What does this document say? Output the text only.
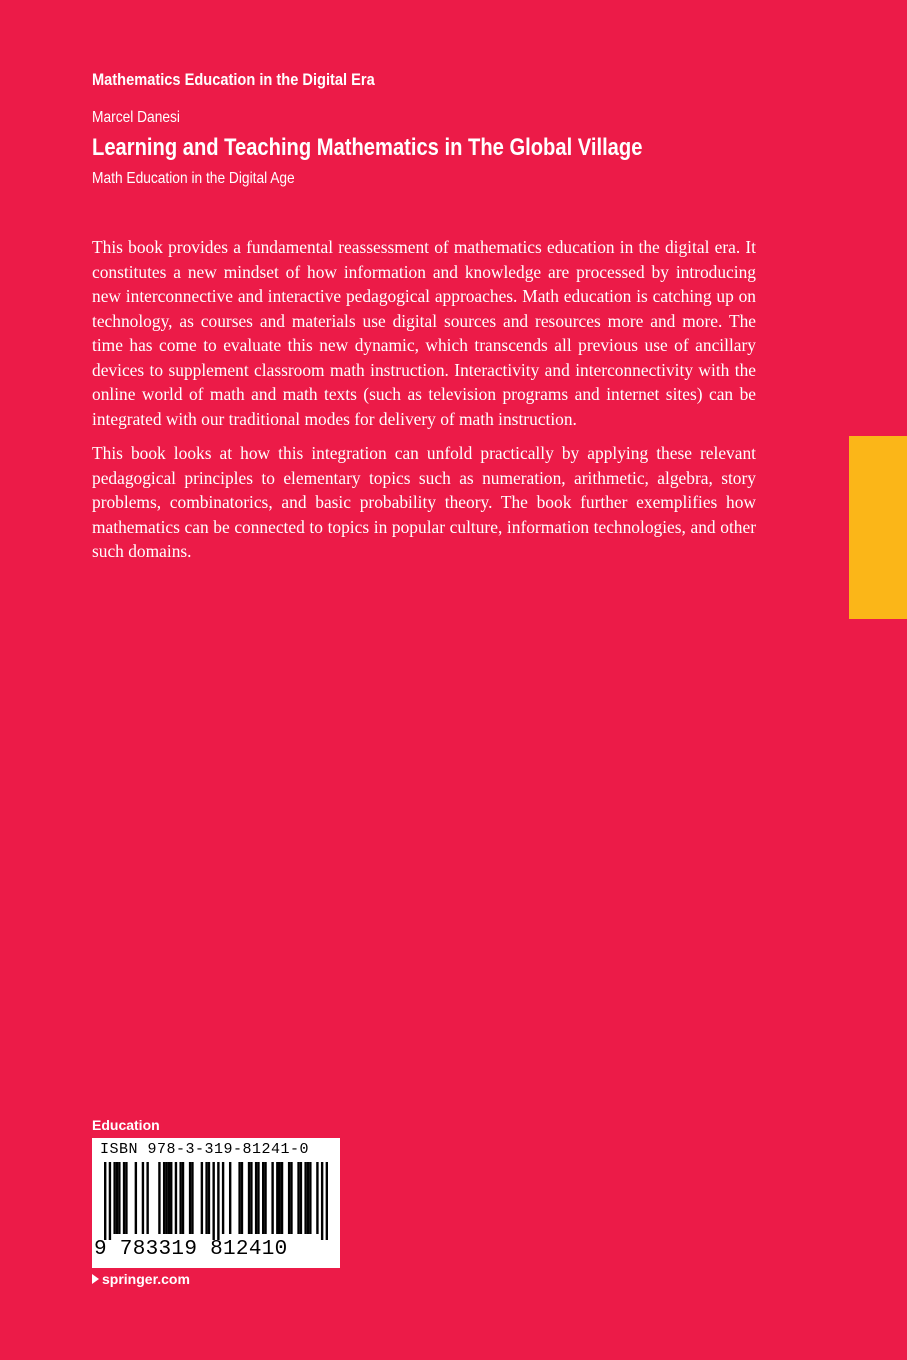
Mathematics Education in the Digital Era
Marcel Danesi
Learning and Teaching Mathematics in The Global Village
Math Education in the Digital Age

This book provides a fundamental reassessment of mathematics education in the digital era. It constitutes a new mindset of how information and knowledge are processed by introducing new interconnective and interactive pedagogical approaches. Math education is catching up on technology, as courses and materials use digital sources and resources more and more. The time has come to evaluate this new dynamic, which transcends all previous use of ancillary devices to supplement classroom math instruction. Interactivity and interconnectivity with the online world of math and math texts (such as television programs and internet sites) can be integrated with our traditional modes for delivery of math instruction.

This book looks at how this integration can unfold practically by applying these relevant pedagogical principles to elementary topics such as numeration, arithmetic, algebra, story problems, combinatorics, and basic probability theory. The book further exemplifies how mathematics can be connected to topics in popular culture, information technologies, and other such domains.

Education
ISBN 978-3-319-81241-0
9 783319 812410
springer.com
